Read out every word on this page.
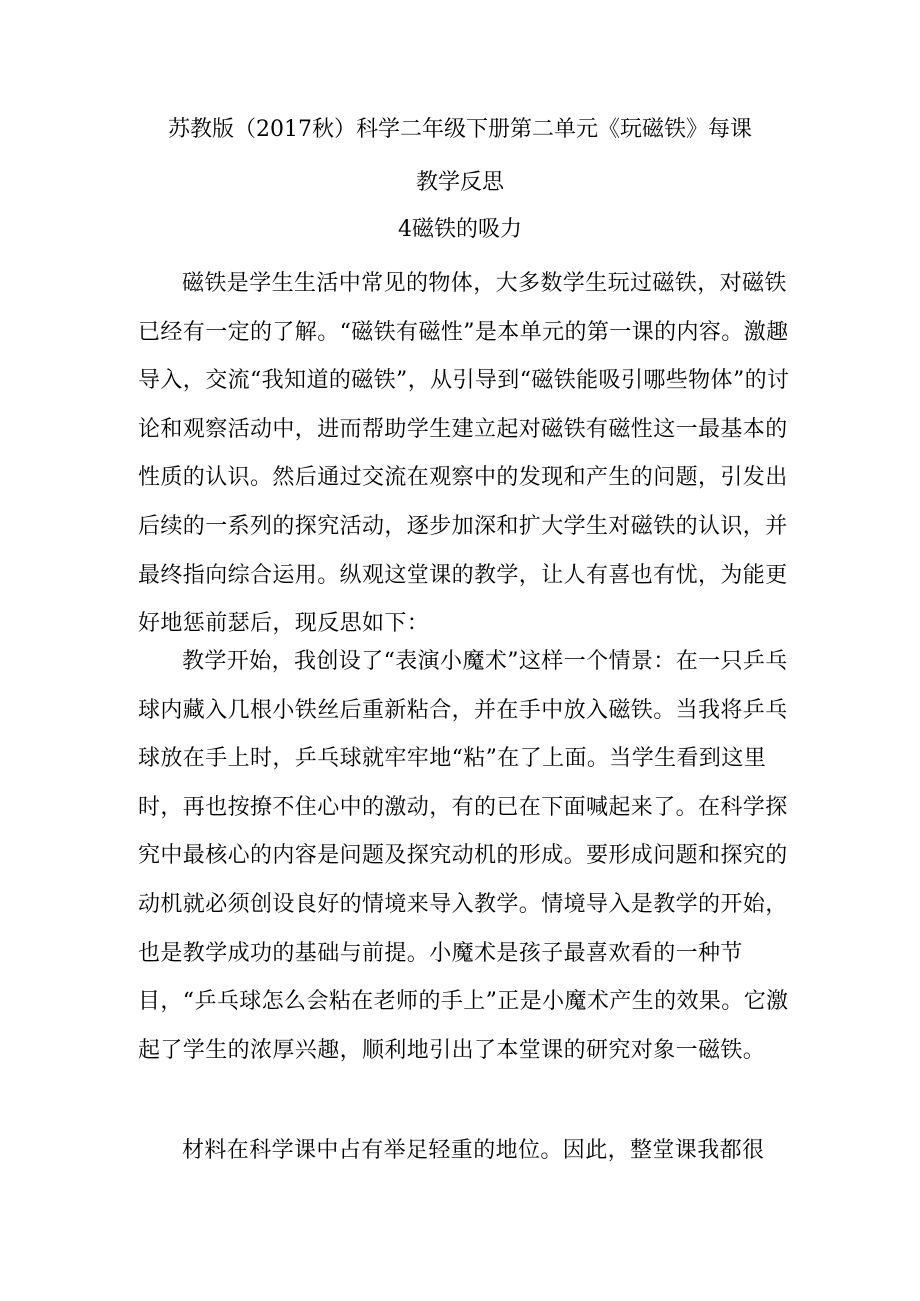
苏教版（2017秋）科学二年级下册第二单元《玩磁铁》每课
教学反思
4磁铁的吸力

磁铁是学生生活中常见的物体，大多数学生玩过磁铁，对磁铁已经有一定的了解。“磁铁有磁性”是本单元的第一课的内容。激趣导入，交流“我知道的磁铁”，从引导到“磁铁能吸引哪些物体”的讨论和观察活动中，进而帮助学生建立起对磁铁有磁性这一最基本的性质的认识。然后通过交流在观察中的发现和产生的问题，引发出后续的一系列的探究活动，逐步加深和扩大学生对磁铁的认识，并最终指向综合运用。纵观这堂课的教学，让人有喜也有忧，为能更好地惩前瑟后，现反思如下：

教学开始，我创设了“表演小魔术”这样一个情景：在一只乒乓球内藏入几根小铁丝后重新粘合，并在手中放入磁铁。当我将乒乓球放在手上时，乒乓球就牢牢地“粘”在了上面。当学生看到这里时，再也按撩不住心中的激动，有的已在下面喊起来了。在科学探究中最核心的内容是问题及探究动机的形成。要形成问题和探究的动机就必须创设良好的情境来导入教学。情境导入是教学的开始，也是教学成功的基础与前提。小魔术是孩子最喜欢看的一种节目，“乒乓球怎么会粘在老师的手上”正是小魔术产生的效果。它激起了学生的浓厚兴趣，顺利地引出了本堂课的研究对象一磁铁。

材料在科学课中占有举足轻重的地位。因此，整堂课我都很
